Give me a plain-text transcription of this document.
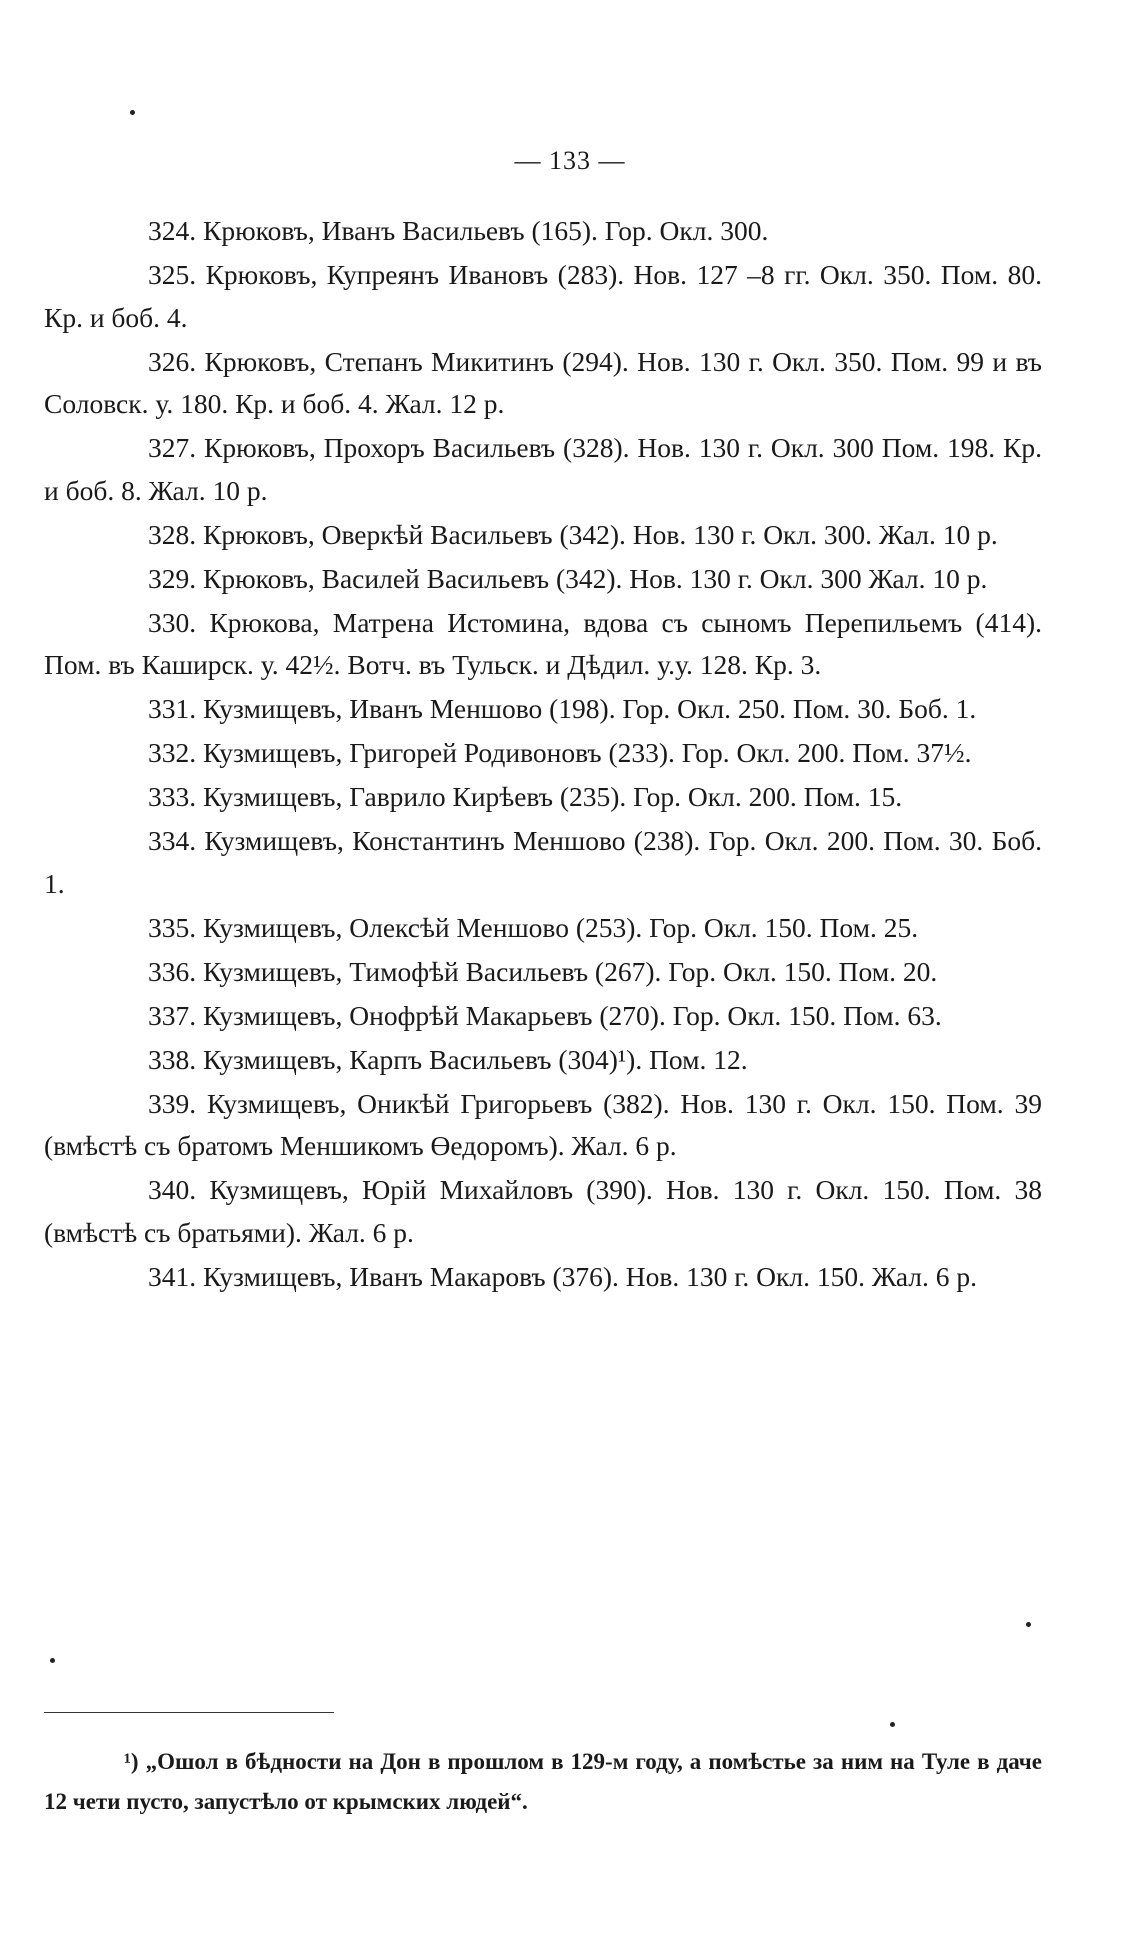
— 133 —

324. Крюковъ, Иванъ Васильевъ (165). Гор. Окл. 300.

325. Крюковъ, Купреянъ Ивановъ (283). Нов. 127 –8 гг. Окл. 350. Пом. 80. Кр. и боб. 4.

326. Крюковъ, Степанъ Микитинъ (294). Нов. 130 г. Окл. 350. Пом. 99 и въ Соловск. у. 180. Кр. и боб. 4. Жал. 12 р.

327. Крюковъ, Прохоръ Васильевъ (328). Нов. 130 г. Окл. 300 Пом. 198. Кр. и боб. 8. Жал. 10 р.

328. Крюковъ, Оверкѣй Васильевъ (342). Нов. 130 г. Окл. 300. Жал. 10 р.

329. Крюковъ, Василей Васильевъ (342). Нов. 130 г. Окл. 300 Жал. 10 р.

330. Крюкова, Матрена Истомина, вдова съ сыномъ Перепильемъ (414). Пом. въ Каширск. у. 42½. Вотч. въ Тульск. и Дѣдил. у.у. 128. Кр. 3.

331. Кузмищевъ, Иванъ Меншово (198). Гор. Окл. 250. Пом. 30. Боб. 1.

332. Кузмищевъ, Григорей Родивоновъ (233). Гор. Окл. 200. Пом. 37½.

333. Кузмищевъ, Гаврило Кирѣевъ (235). Гор. Окл. 200. Пом. 15.

334. Кузмищевъ, Константинъ Меншово (238). Гор. Окл. 200. Пом. 30. Боб. 1.

335. Кузмищевъ, Олексѣй Меншово (253). Гор. Окл. 150. Пом. 25.

336. Кузмищевъ, Тимофѣй Васильевъ (267). Гор. Окл. 150. Пом. 20.

337. Кузмищевъ, Онофрѣй Макарьевъ (270). Гор. Окл. 150. Пом. 63.

338. Кузмищевъ, Карпъ Васильевъ (304)¹). Пом. 12.

339. Кузмищевъ, Оникѣй Григорьевъ (382). Нов. 130 г. Окл. 150. Пом. 39 (вмѣстѣ съ братомъ Меншикомъ Өедоромъ). Жал. 6 р.

340. Кузмищевъ, Юрій Михайловъ (390). Нов. 130 г. Окл. 150. Пом. 38 (вмѣстѣ съ братьями). Жал. 6 р.

341. Кузмищевъ, Иванъ Макаровъ (376). Нов. 130 г. Окл. 150. Жал. 6 р.

¹) „Ошол в бѣдности на Дон в прошлом в 129-м году, а помѣстье за ним на Туле в даче 12 чети пусто, запустѣло от крымских людей“.
